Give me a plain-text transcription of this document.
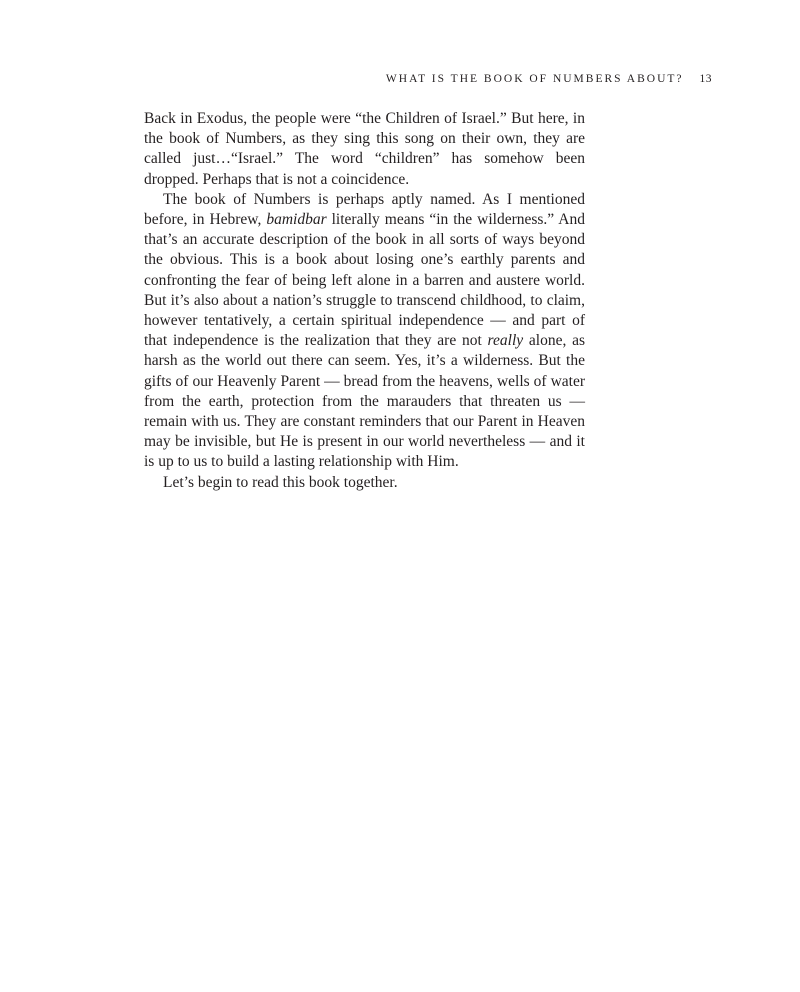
WHAT IS THE BOOK OF NUMBERS ABOUT? 13

Back in Exodus, the people were “the Children of Israel.” But here, in the book of Numbers, as they sing this song on their own, they are called just…“Israel.” The word “children” has somehow been dropped. Perhaps that is not a coincidence.

The book of Numbers is perhaps aptly named. As I mentioned before, in Hebrew, bamidbar literally means “in the wilderness.” And that’s an accurate description of the book in all sorts of ways beyond the obvious. This is a book about losing one’s earthly parents and confronting the fear of being left alone in a barren and austere world. But it’s also about a nation’s struggle to transcend childhood, to claim, however tentatively, a certain spiritual independence — and part of that independence is the realization that they are not really alone, as harsh as the world out there can seem. Yes, it’s a wilderness. But the gifts of our Heavenly Parent — bread from the heavens, wells of water from the earth, protection from the marauders that threaten us — remain with us. They are constant reminders that our Parent in Heaven may be invisible, but He is present in our world nevertheless — and it is up to us to build a lasting relationship with Him.

Let’s begin to read this book together.
